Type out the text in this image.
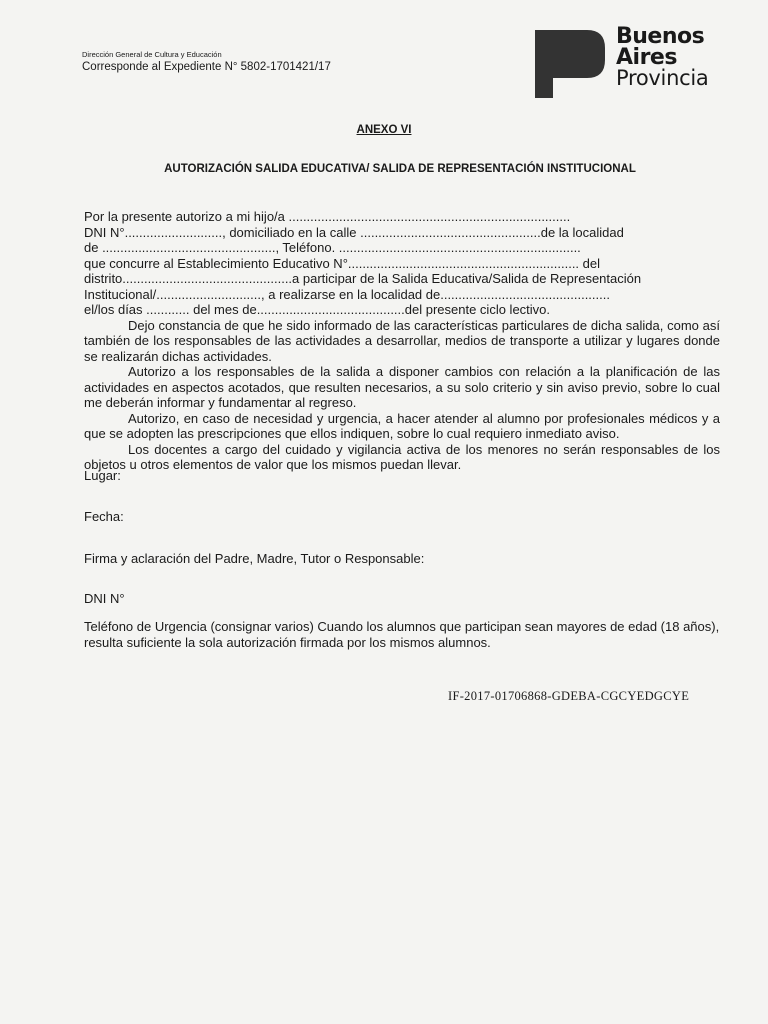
Dirección General de Cultura y Educación
Corresponde al Expediente N° 5802-1701421/17
Buenos
Aires
Provincia
ANEXO VI
AUTORIZACIÓN SALIDA EDUCATIVA/ SALIDA DE REPRESENTACIÓN INSTITUCIONAL
Por la presente autorizo a mi hijo/a ..............................................................................
DNI N°..........................., domiciliado en la calle ..................................................de la localidad
de ................................................, Teléfono. ...................................................................
que concurre al Establecimiento Educativo N°................................................................ del
distrito...............................................a participar de la Salida Educativa/Salida de Representación
Institucional/............................., a realizarse en la localidad de...............................................
el/los días ............ del mes de.........................................del presente ciclo lectivo.
Dejo constancia de que he sido informado de las características particulares de dicha salida, como así también de los responsables de las actividades a desarrollar, medios de transporte a utilizar y lugares donde se realizarán dichas actividades.
Autorizo a los responsables de la salida a disponer cambios con relación a la planificación de las actividades en aspectos acotados, que resulten necesarios, a su solo criterio y sin aviso previo, sobre lo cual me deberán informar y fundamentar al regreso.
Autorizo, en caso de necesidad y urgencia, a hacer atender al alumno por profesionales médicos y a que se adopten las prescripciones que ellos indiquen, sobre lo cual requiero inmediato aviso.
Los docentes a cargo del cuidado y vigilancia activa de los menores no serán responsables de los objetos u otros elementos de valor que los mismos puedan llevar.
Lugar:
Fecha:
Firma y aclaración del Padre, Madre, Tutor o Responsable:
DNI N°
Teléfono de Urgencia (consignar varios) Cuando los alumnos que participan sean mayores de edad (18 años), resulta suficiente la sola autorización firmada por los mismos alumnos.
IF-2017-01706868-GDEBA-CGCYEDGCYE
